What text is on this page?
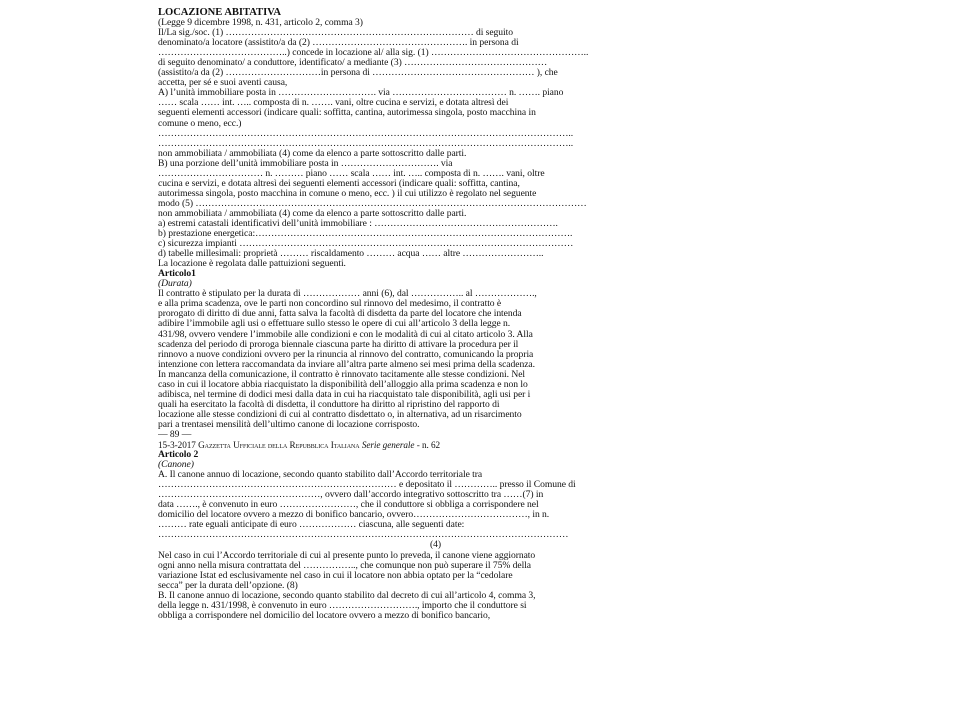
LOCAZIONE ABITATIVA
(Legge 9 dicembre 1998, n. 431, articolo 2, comma 3)
Il/La sig./soc. (1) …………………………………………………………………… di seguito
denominato/a locatore (assistito/a da (2) …………………………………………. in persona di
…………………………………..) concede in locazione al/ alla sig. (1) …………………………………………..
di seguito denominato/ a conduttore, identificato/ a mediante (3) ………………………………………
(assistito/a da (2) …………………………in persona di …………………………………………… ), che
accetta, per sé e suoi aventi causa,
A) l’unità immobiliare posta in …………………………. via ……………………………… n. ……. piano
…… scala …… int. ….. composta di n. ……. vani, oltre cucina e servizi, e dotata altresì dei
seguenti elementi accessori (indicare quali: soffitta, cantina, autorimessa singola, posto macchina in
comune o meno, ecc.)
…………………………………………………………………………………………………………………..
…………………………………………………………………………………………………………………..
non ammobiliata / ammobiliata (4) come da elenco a parte sottoscritto dalle parti.
B) una porzione dell’unità immobiliare posta in …………………………. via
…………………………… n. ……… piano …… scala …… int. ….. composta di n. ……. vani, oltre
cucina e servizi, e dotata altresì dei seguenti elementi accessori (indicare quali: soffitta, cantina,
autorimessa singola, posto macchina in comune o meno, ecc. ) il cui utilizzo è regolato nel seguente
modo (5) ……………………………………………………………………………………………………………
non ammobiliata / ammobiliata (4) come da elenco a parte sottoscritto dalle parti.
a) estremi catastali identificativi dell’unità immobiliare : ………………………………………………….
b) prestazione energetica:……………………………………………………………………………………….
c) sicurezza impianti ……………………………………………………………………………………………
d) tabelle millesimali: proprietà ……… riscaldamento ……… acqua …… altre ……………………..
La locazione è regolata dalle pattuizioni seguenti.
Articolo1
(Durata)
Il contratto è stipulato per la durata di ……………… anni (6), dal …………….. al ……………….,
e alla prima scadenza, ove le parti non concordino sul rinnovo del medesimo, il contratto è
prorogato di diritto di due anni, fatta salva la facoltà di disdetta da parte del locatore che intenda
adibire l’immobile agli usi o effettuare sullo stesso le opere di cui all’articolo 3 della legge n.
431/98, ovvero vendere l’immobile alle condizioni e con le modalità di cui al citato articolo 3. Alla
scadenza del periodo di proroga biennale ciascuna parte ha diritto di attivare la procedura per il
rinnovo a nuove condizioni ovvero per la rinuncia al rinnovo del contratto, comunicando la propria
intenzione con lettera raccomandata da inviare all’altra parte almeno sei mesi prima della scadenza.
In mancanza della comunicazione, il contratto è rinnovato tacitamente alle stesse condizioni. Nel
caso in cui il locatore abbia riacquistato la disponibilità dell’alloggio alla prima scadenza e non lo
adibisca, nel termine di dodici mesi dalla data in cui ha riacquistato tale disponibilità, agli usi per i
quali ha esercitato la facoltà di disdetta, il conduttore ha diritto al ripristino del rapporto di
locazione alle stesse condizioni di cui al contratto disdettato o, in alternativa, ad un risarcimento
pari a trentasei mensilità dell’ultimo canone di locazione corrisposto.
— 89 —
15-3-2017 Gazzetta Ufficiale della Repubblica Italiana Serie generale - n. 62
Articolo 2
(Canone)
A. Il canone annuo di locazione, secondo quanto stabilito dall’Accordo territoriale tra
………………………………………………………………… e depositato il ………….. presso il Comune di
……………………………………………, ovvero dall’accordo integrativo sottoscritto tra ……(7) in
data ……., è convenuto in euro ……………………, che il conduttore si obbliga a corrispondere nel
domicilio del locatore ovvero a mezzo di bonifico bancario, ovvero………………………………, in n.
……… rate eguali anticipate di euro ……………… ciascuna, alle seguenti date:
…………………………………………………………………………………………………………………
(4)
Nel caso in cui l’Accordo territoriale di cui al presente punto lo preveda, il canone viene aggiornato
ogni anno nella misura contrattata del …………….., che comunque non può superare il 75% della
variazione Istat ed esclusivamente nel caso in cui il locatore non abbia optato per la “cedolare
secca” per la durata dell’opzione. (8)
B. Il canone annuo di locazione, secondo quanto stabilito dal decreto di cui all’articolo 4, comma 3,
della legge n. 431/1998, è convenuto in euro ………………………., importo che il conduttore si
obbliga a corrispondere nel domicilio del locatore ovvero a mezzo di bonifico bancario,
